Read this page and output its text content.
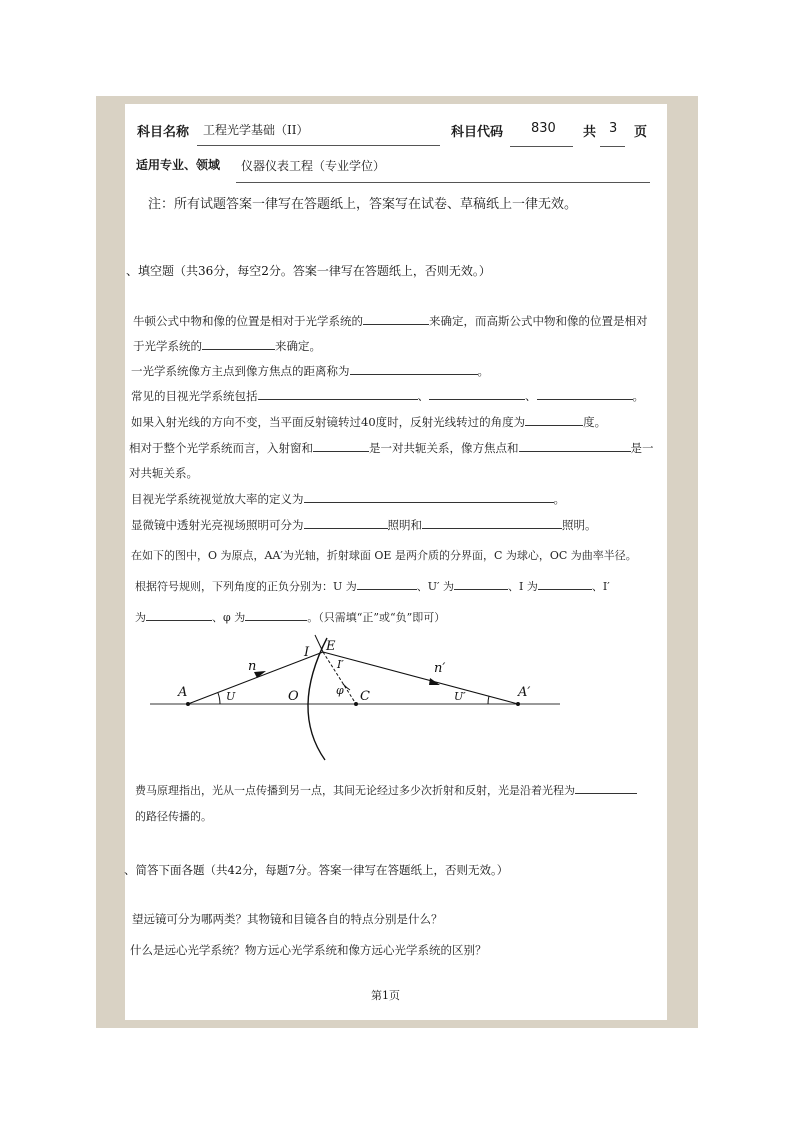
科目名称 工程光学基础（II）	科目代码 830 共 3 页
适用专业、领域 仪器仪表工程（专业学位）
注：所有试题答案一律写在答题纸上，答案写在试卷、草稿纸上一律无效。
、填空题（共36分，每空2分。答案一律写在答题纸上，否则无效。）
牛顿公式中物和像的位置是相对于光学系统的	来确定，而高斯公式中物和像的位置是相对
于光学系统的	来确定。
一光学系统像方主点到像方焦点的距离称为	。
常见的目视光学系统包括	、	、	。
如果入射光线的方向不变，当平面反射镜转过40度时，反射光线转过的角度为	度。
相对于整个光学系统而言，入射窗和	是一对共轭关系，像方焦点和	是一
对共轭关系。
目视光学系统视觉放大率的定义为	。
显微镜中透射光亮视场照明可分为	照明和	照明。
在如下的图中，O 为原点，AA′为光轴，折射球面 OE 是两介质的分界面，C 为球心，OC 为曲率半径。
根据符号规则，下列角度的正负分别为：U 为	、U′ 为	、I 为	、I′
为	、φ 为	。（只需填“正”或“负”即可）
A	A′
O	C
E
I
I′
n	n′
U	U′
φ
费马原理指出，光从一点传播到另一点，其间无论经过多少次折射和反射，光是沿着光程为
的路径传播的。
、简答下面各题（共42分，每题7分。答案一律写在答题纸上，否则无效。）
望远镜可分为哪两类？其物镜和目镜各自的特点分别是什么？
什么是远心光学系统？物方远心光学系统和像方远心光学系统的区别？
第1页
